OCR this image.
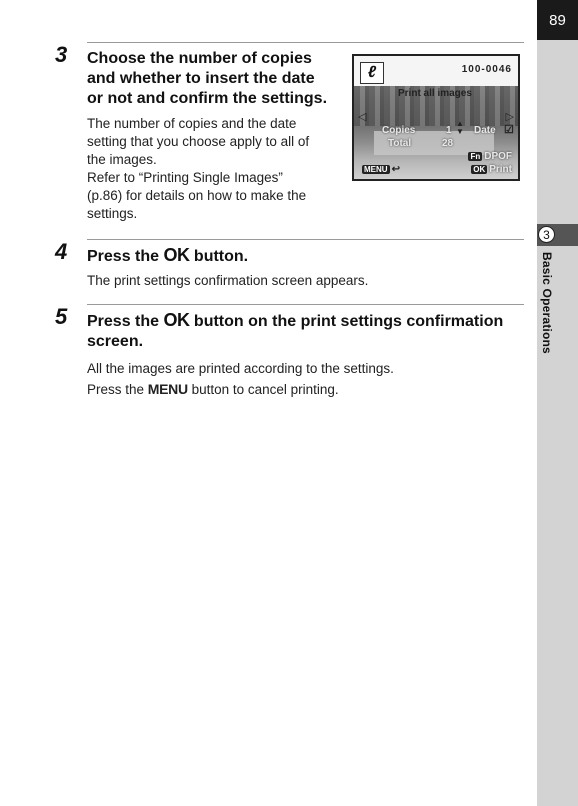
89
3
Basic Operations
3 Choose the number of copies
and whether to insert the date
or not and confirm the settings.
The number of copies and the date
setting that you choose apply to all of
the images.
Refer to “Printing Single Images”
(p.86) for details on how to make the
settings.
ℓ	100-0046
Print all images
◁	▷
Copies	1
▲
▼ Date ☑
Total	28
Fn DPOF
MENU ↩	OK Print
4 Press the OK button.
The print settings confirmation screen appears.
5 Press the OK button on the print settings confirmation
screen.
All the images are printed according to the settings.
Press the MENU button to cancel printing.
